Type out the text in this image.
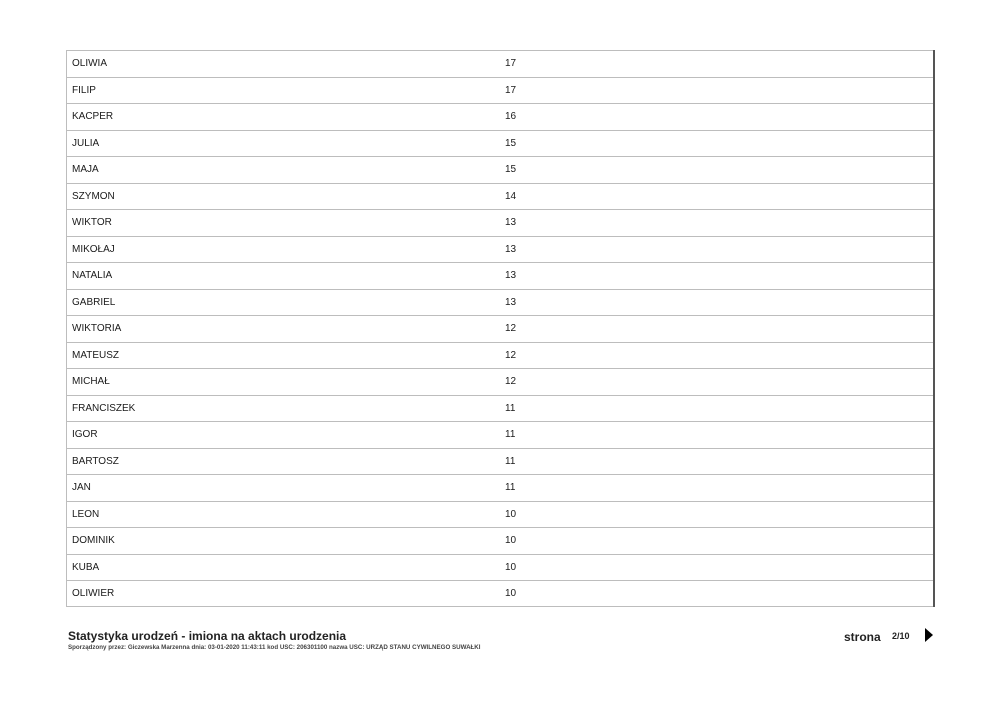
OLIWIA	17
FILIP	17
KACPER	16
JULIA	15
MAJA	15
SZYMON	14
WIKTOR	13
MIKOŁAJ	13
NATALIA	13
GABRIEL	13
WIKTORIA	12
MATEUSZ	12
MICHAŁ	12
FRANCISZEK	11
IGOR	11
BARTOSZ	11
JAN	11
LEON	10
DOMINIK	10
KUBA	10
OLIWIER	10
Statystyka urodzeń - imiona na aktach urodzenia
Sporządzony przez: Giczewska Marzenna dnia: 03-01-2020 11:43:11 kod USC: 206301100 nazwa USC: URZĄD STANU CYWILNEGO SUWAŁKI
strona 2/10
